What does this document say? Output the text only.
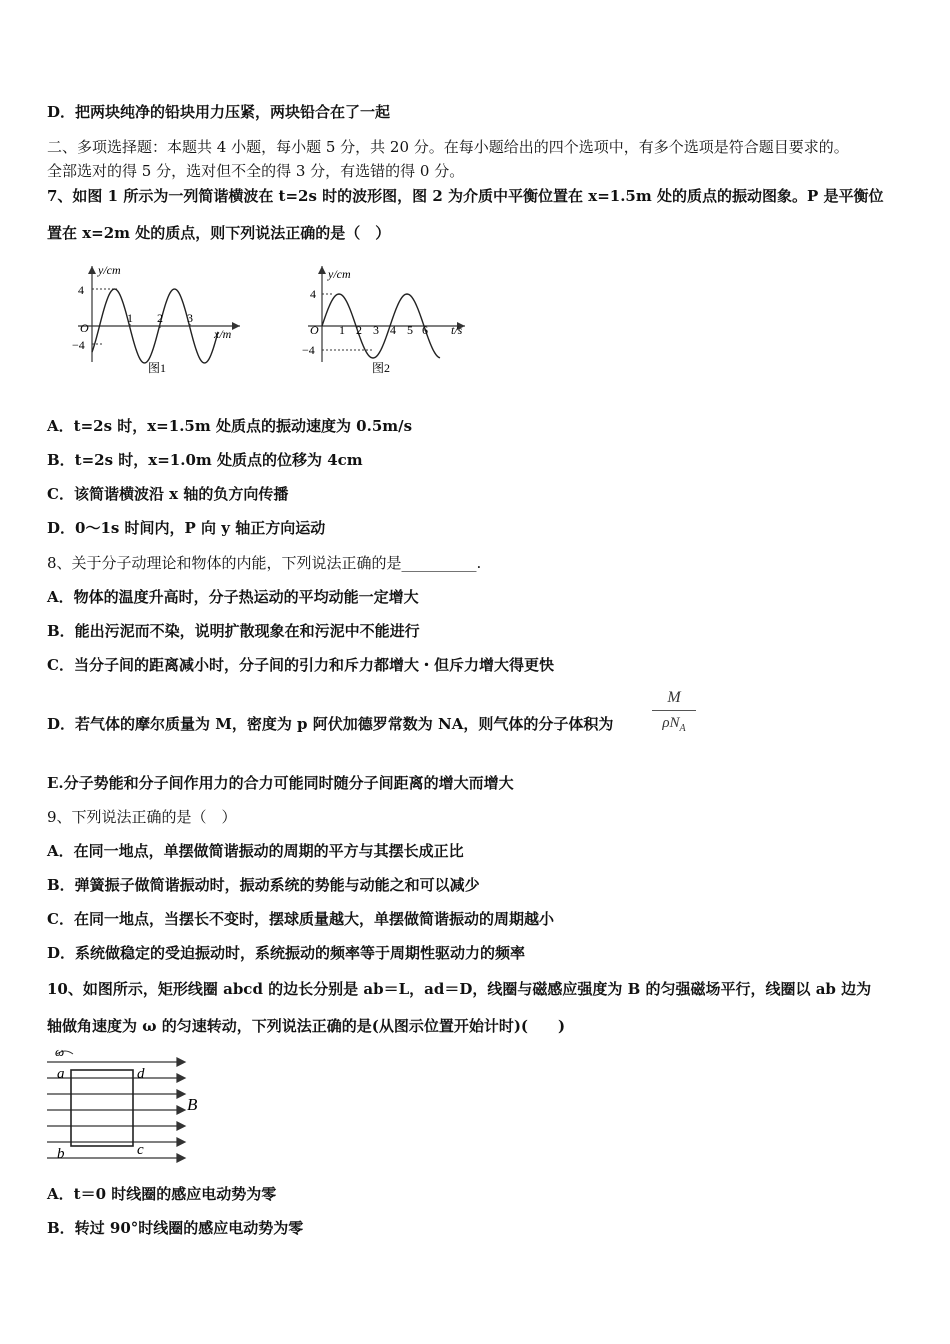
D．把两块纯净的铅块用力压紧，两块铅合在了一起
二、多项选择题：本题共 4 小题，每小题 5 分，共 20 分。在每小题给出的四个选项中，有多个选项是符合题目要求的。
全部选对的得 5 分，选对但不全的得 3 分，有选错的得 0 分。
7、如图 1 所示为一列简谐横波在 t=2s 时的波形图，图 2 为介质中平衡位置在 x=1.5m 处的质点的振动图象。P 是平衡位
置在 x=2m 处的质点，则下列说法正确的是（　）
y/cm
4
−4
O
1 2 3
x/m
图1
y/cm
4
−4
O 1 2 3 4 5 6 t/s
图2
A．t=2s 时，x=1.5m 处质点的振动速度为 0.5m/s
B．t=2s 时，x=1.0m 处质点的位移为 4cm
C．该简谐横波沿 x 轴的负方向传播
D．0～1s 时间内，P 向 y 轴正方向运动
8、关于分子动理论和物体的内能，下列说法正确的是__________.
A．物体的温度升高时，分子热运动的平均动能一定增大
B．能出污泥而不染，说明扩散现象在和污泥中不能进行
C．当分子间的距离减小时，分子间的引力和斥力都增大・但斥力增大得更快
D．若气体的摩尔质量为 M，密度为 p 阿伏加德罗常数为 NA，则气体的分子体积为
M
$\rho N_A$
E.分子势能和分子间作用力的合力可能同时随分子间距离的增大而增大
9、下列说法正确的是（　）
A．在同一地点，单摆做简谐振动的周期的平方与其摆长成正比
B．弹簧振子做简谐振动时，振动系统的势能与动能之和可以减少
C．在同一地点，当摆长不变时，摆球质量越大，单摆做简谐振动的周期越小
D．系统做稳定的受迫振动时，系统振动的频率等于周期性驱动力的频率
10、如图所示，矩形线圈 abcd 的边长分别是 ab＝L，ad＝D，线圈与磁感应强度为 B 的匀强磁场平行，线圈以 ab 边为
轴做角速度为 ω 的匀速转动，下列说法正确的是(从图示位置开始计时)(　　)
ω
a	d
b	c
B
A．t＝0 时线圈的感应电动势为零
B．转过 90°时线圈的感应电动势为零
